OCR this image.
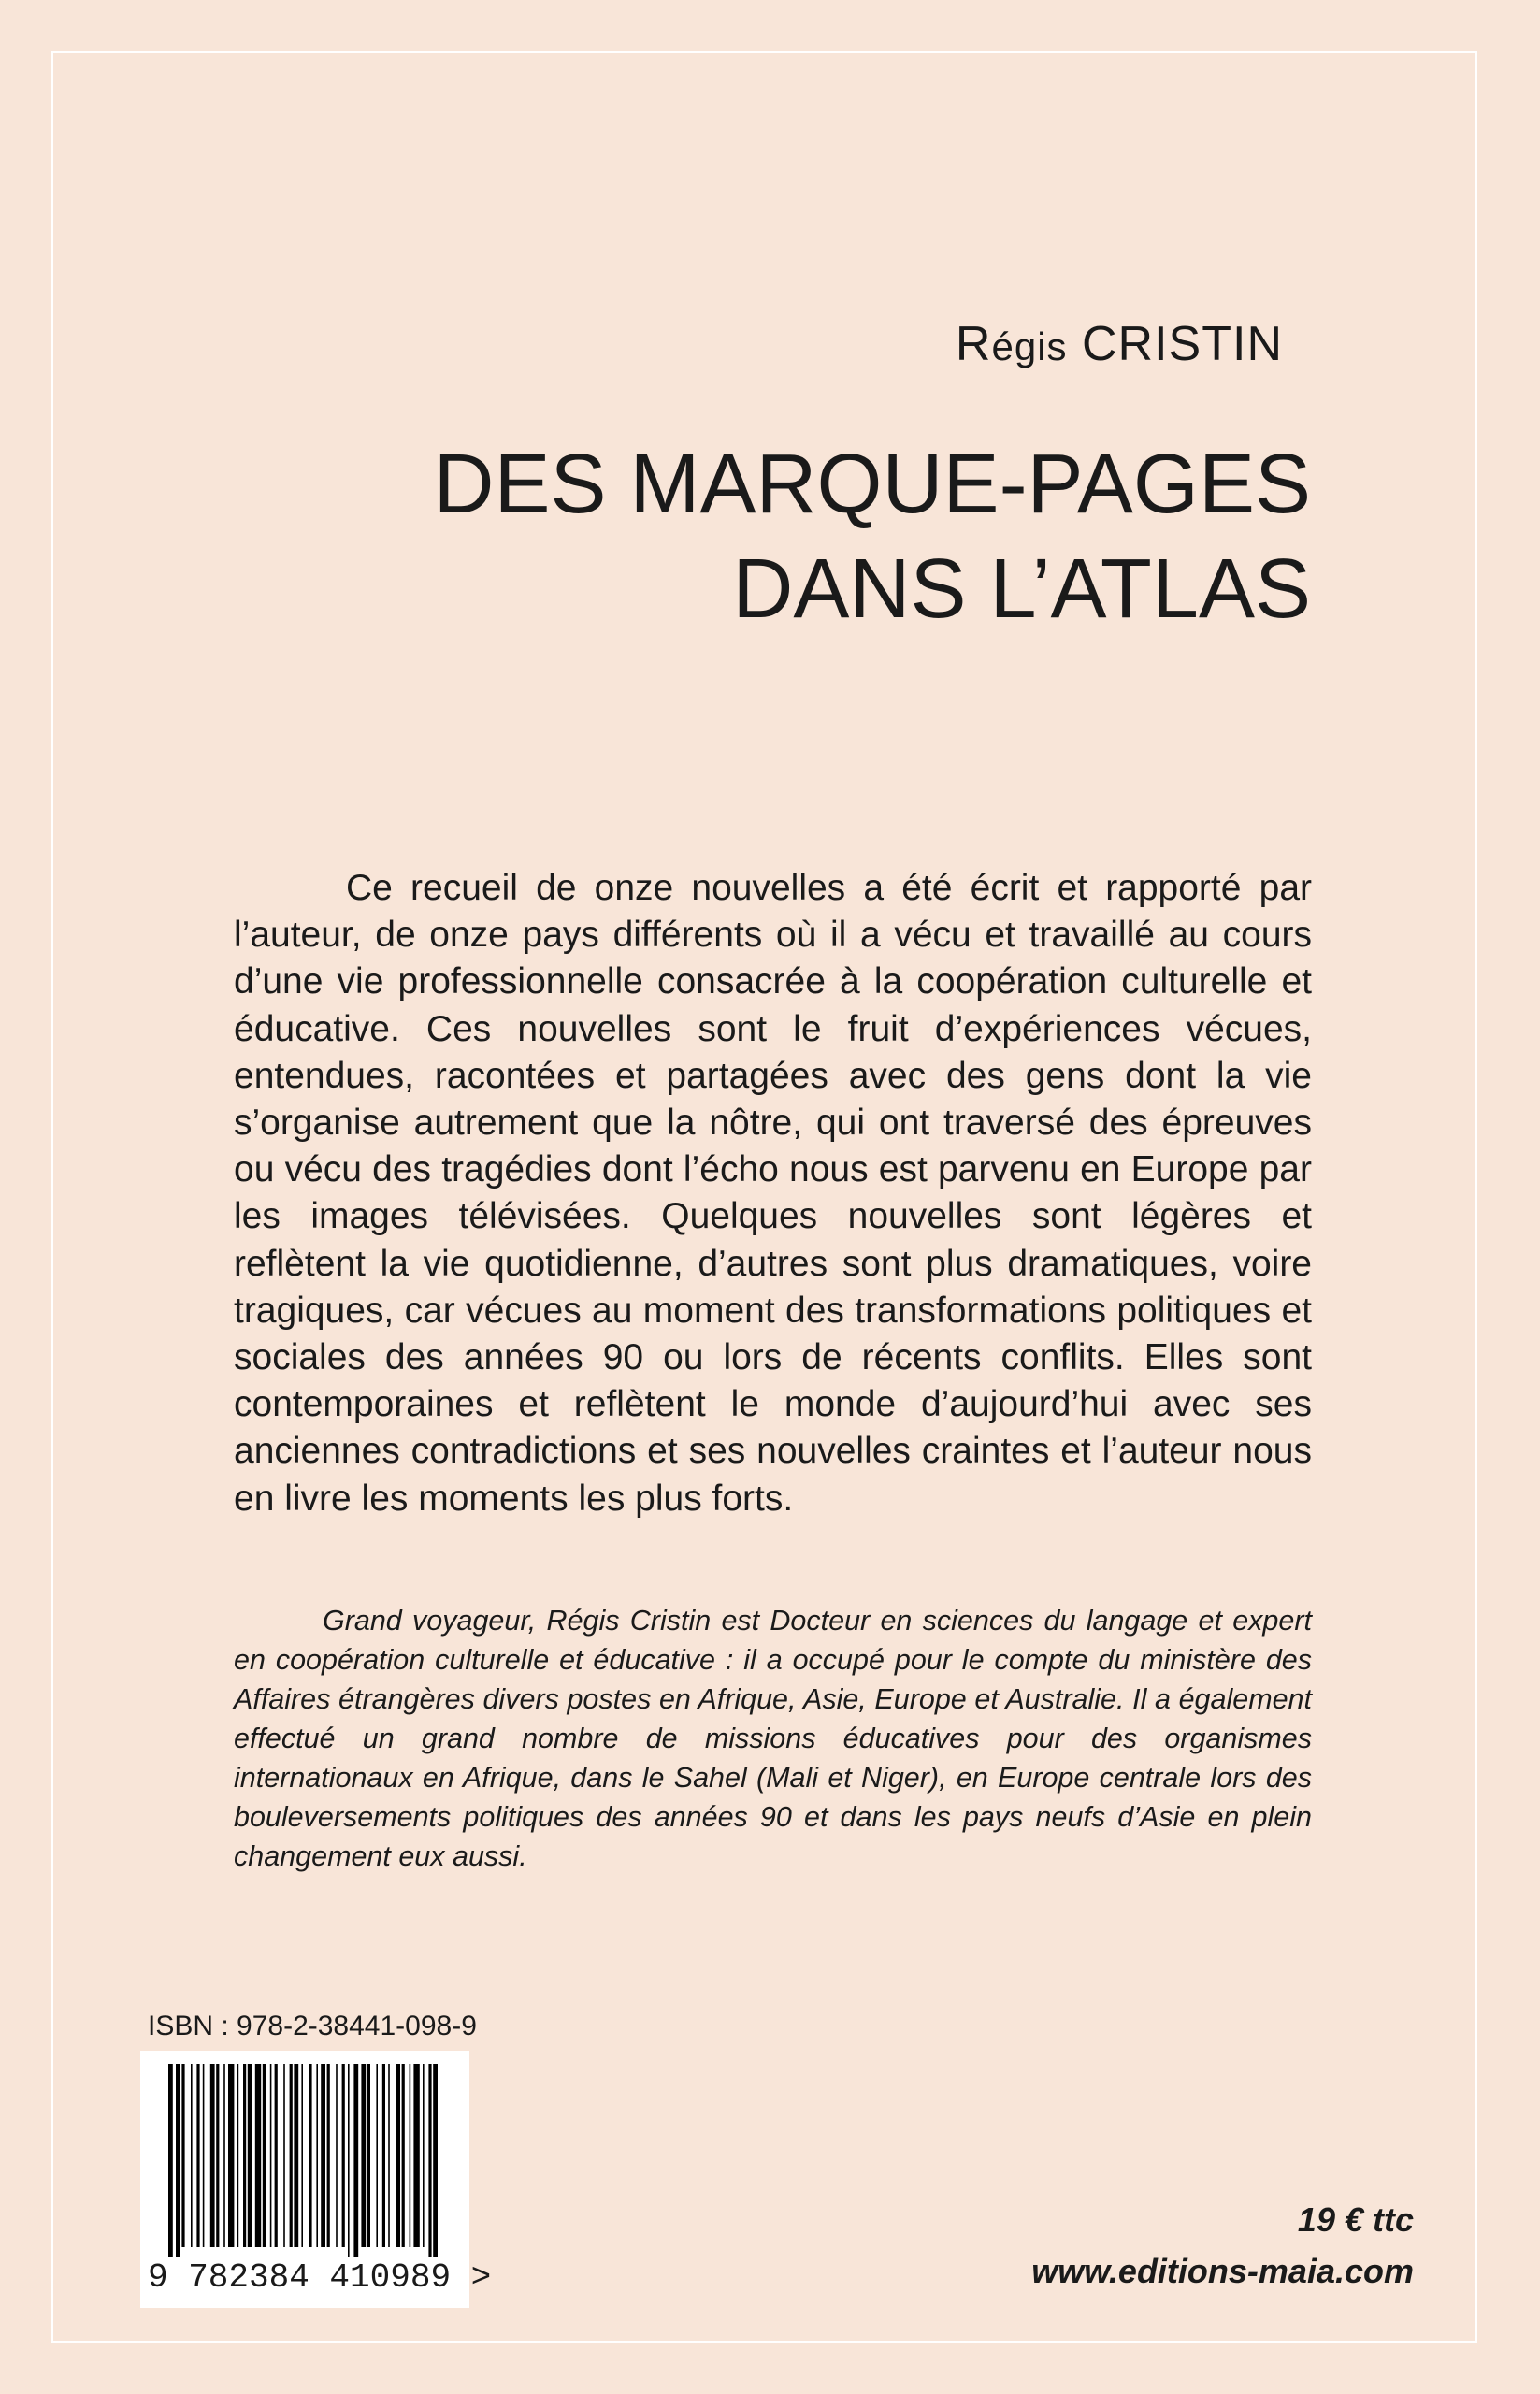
Régis CRISTIN
DES MARQUE-PAGES
DANS L’ATLAS

Ce recueil de onze nouvelles a été écrit et rapporté par l’auteur, de onze pays différents où il a vécu et travaillé au cours d’une vie professionnelle consacrée à la coopération culturelle et éducative. Ces nouvelles sont le fruit d’expériences vécues, entendues, racontées et partagées avec des gens dont la vie s’organise autrement que la nôtre, qui ont traversé des épreuves ou vécu des tragédies dont l’écho nous est parvenu en Europe par les images télévisées. Quelques nouvelles sont légères et reflètent la vie quotidienne, d’autres sont plus dramatiques, voire tragiques, car vécues au moment des transformations politiques et sociales des années 90 ou lors de récents conflits. Elles sont contemporaines et reflètent le monde d’aujourd’hui avec ses anciennes contradictions et ses nouvelles craintes et l’auteur nous en livre les moments les plus forts.

Grand voyageur, Régis Cristin est Docteur en sciences du langage et expert en coopération culturelle et éducative : il a occupé pour le compte du ministère des Affaires étrangères divers postes en Afrique, Asie, Europe et Australie. Il a également effectué un grand nombre de missions éducatives pour des organismes internationaux en Afrique, dans le Sahel (Mali et Niger), en Europe centrale lors des bouleversements politiques des années 90 et dans les pays neufs d’Asie en plein changement eux aussi.

ISBN : 978-2-38441-098-9
9 782384 410989 >
19 € ttc
www.editions-maia.com
